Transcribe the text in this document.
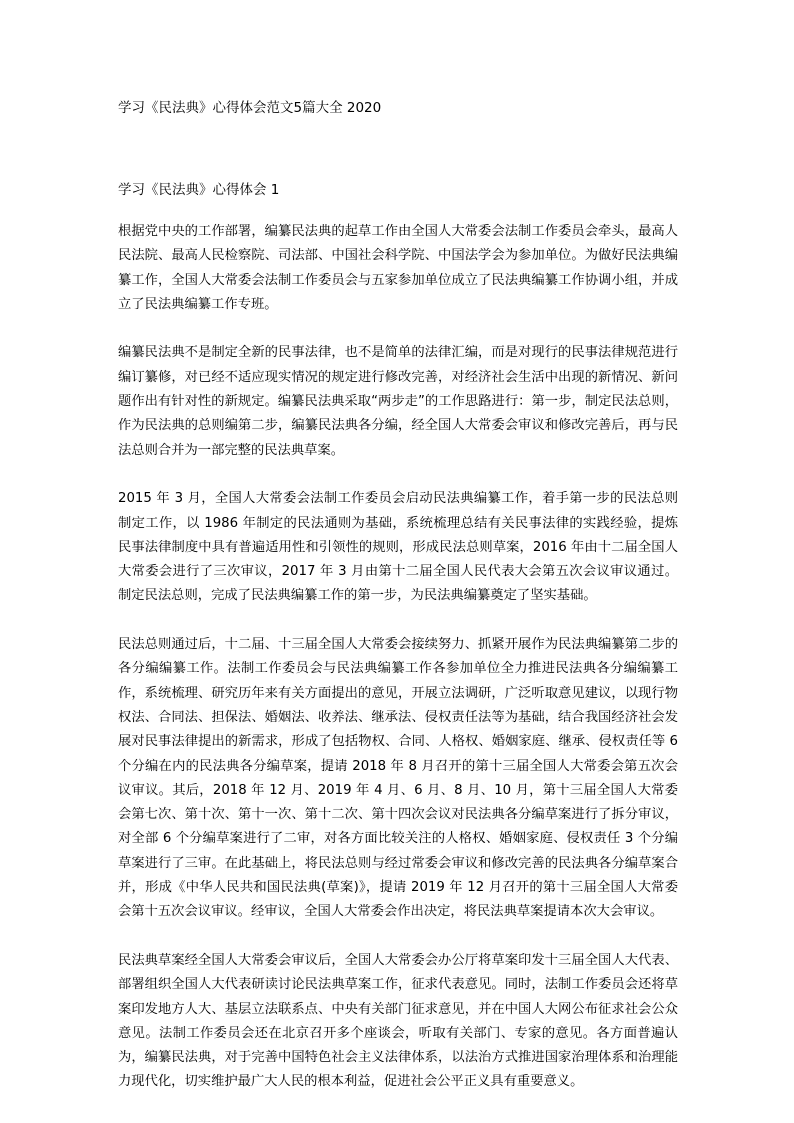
学习《民法典》心得体会范文5篇大全 2020

学习《民法典》心得体会 1

根据党中央的工作部署，编纂民法典的起草工作由全国人大常委会法制工作委员会牵头，最高人民法院、最高人民检察院、司法部、中国社会科学院、中国法学会为参加单位。为做好民法典编纂工作，全国人大常委会法制工作委员会与五家参加单位成立了民法典编纂工作协调小组，并成立了民法典编纂工作专班。

编纂民法典不是制定全新的民事法律，也不是简单的法律汇编，而是对现行的民事法律规范进行编订纂修，对已经不适应现实情况的规定进行修改完善，对经济社会生活中出现的新情况、新问题作出有针对性的新规定。编纂民法典采取“两步走”的工作思路进行：第一步，制定民法总则，作为民法典的总则编第二步，编纂民法典各分编，经全国人大常委会审议和修改完善后，再与民法总则合并为一部完整的民法典草案。

2015 年 3 月，全国人大常委会法制工作委员会启动民法典编纂工作，着手第一步的民法总则制定工作，以 1986 年制定的民法通则为基础，系统梳理总结有关民事法律的实践经验，提炼民事法律制度中具有普遍适用性和引领性的规则，形成民法总则草案，2016 年由十二届全国人大常委会进行了三次审议，2017 年 3 月由第十二届全国人民代表大会第五次会议审议通过。制定民法总则，完成了民法典编纂工作的第一步，为民法典编纂奠定了坚实基础。

民法总则通过后，十二届、十三届全国人大常委会接续努力、抓紧开展作为民法典编纂第二步的各分编编纂工作。法制工作委员会与民法典编纂工作各参加单位全力推进民法典各分编编纂工作，系统梳理、研究历年来有关方面提出的意见，开展立法调研，广泛听取意见建议，以现行物权法、合同法、担保法、婚姻法、收养法、继承法、侵权责任法等为基础，结合我国经济社会发展对民事法律提出的新需求，形成了包括物权、合同、人格权、婚姻家庭、继承、侵权责任等 6 个分编在内的民法典各分编草案，提请 2018 年 8 月召开的第十三届全国人大常委会第五次会议审议。其后，2018 年 12 月、2019 年 4 月、6 月、8 月、10 月，第十三届全国人大常委会第七次、第十次、第十一次、第十二次、第十四次会议对民法典各分编草案进行了拆分审议，对全部 6 个分编草案进行了二审，对各方面比较关注的人格权、婚姻家庭、侵权责任 3 个分编草案进行了三审。在此基础上，将民法总则与经过常委会审议和修改完善的民法典各分编草案合并，形成《中华人民共和国民法典(草案)》，提请 2019 年 12 月召开的第十三届全国人大常委会第十五次会议审议。经审议，全国人大常委会作出决定，将民法典草案提请本次大会审议。

民法典草案经全国人大常委会审议后，全国人大常委会办公厅将草案印发十三届全国人大代表、部署组织全国人大代表研读讨论民法典草案工作，征求代表意见。同时，法制工作委员会还将草案印发地方人大、基层立法联系点、中央有关部门征求意见，并在中国人大网公布征求社会公众意见。法制工作委员会还在北京召开多个座谈会，听取有关部门、专家的意见。各方面普遍认为，编纂民法典，对于完善中国特色社会主义法律体系，以法治方式推进国家治理体系和治理能力现代化，切实维护最广大人民的根本利益，促进社会公平正义具有重要意义。
